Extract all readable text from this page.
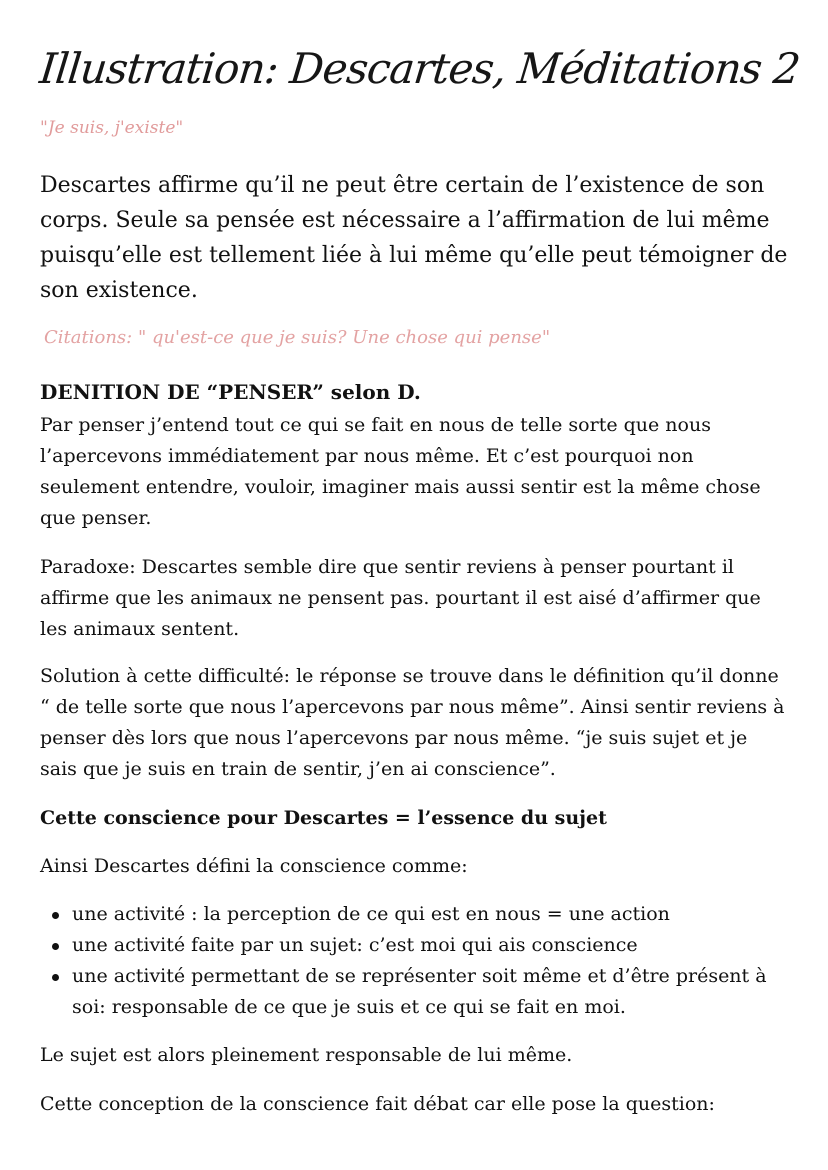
Illustration: Descartes, Méditations 2
"Je suis, j'existe"

Descartes affirme qu’il ne peut être certain de l’existence de son corps. Seule sa pensée est nécessaire a l’affirmation de lui même puisqu’elle est tellement liée à lui même qu’elle peut témoigner de son existence.

Citations: " qu'est-ce que je suis? Une chose qui pense"
DENITION DE “PENSER” selon D.

Par penser j’entend tout ce qui se fait en nous de telle sorte que nous l’apercevons immédiatement par nous même. Et c’est pourquoi non seulement entendre, vouloir, imaginer mais aussi sentir est la même chose que penser.

Paradoxe: Descartes semble dire que sentir reviens à penser pourtant il affirme que les animaux ne pensent pas. pourtant il est aisé d’affirmer que les animaux sentent.

Solution à cette difficulté: le réponse se trouve dans le définition qu’il donne “ de telle sorte que nous l’apercevons par nous même”. Ainsi sentir reviens à penser dès lors que nous l’apercevons par nous même. “je suis sujet et je sais que je suis en train de sentir, j’en ai conscience”.

Cette conscience pour Descartes = l’essence du sujet

Ainsi Descartes défini la conscience comme:

une activité : la perception de ce qui est en nous = une action
une activité faite par un sujet: c’est moi qui ais conscience
une activité permettant de se représenter soit même et d’être présent à soi: responsable de ce que je suis et ce qui se fait en moi.

Le sujet est alors pleinement responsable de lui même.

Cette conception de la conscience fait débat car elle pose la question:
